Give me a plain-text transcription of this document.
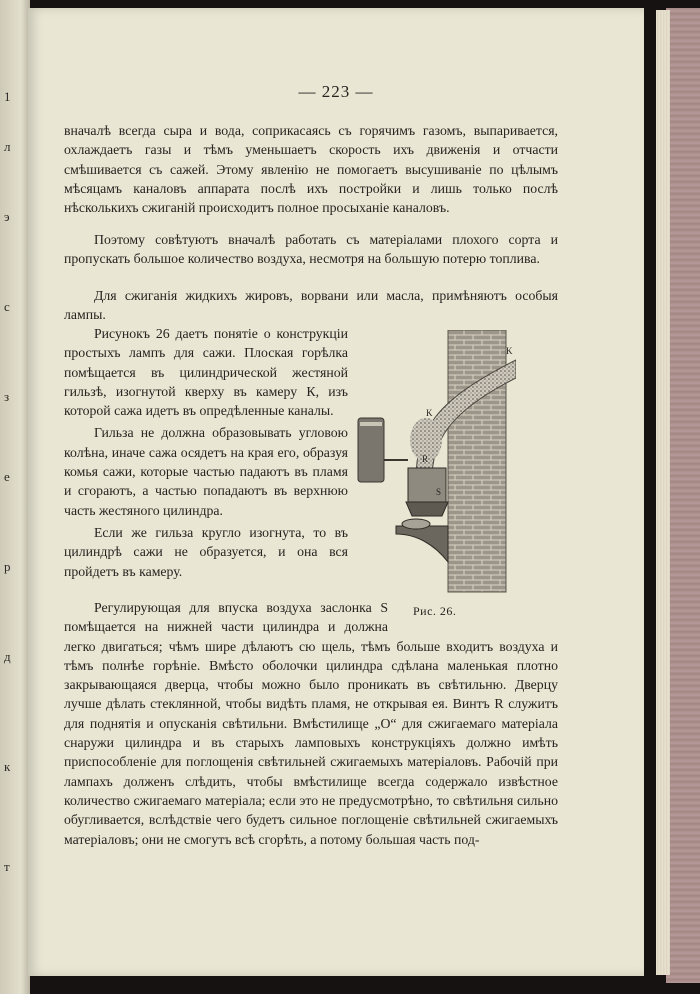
1
л
э
с
з
е
р
д
к
т
— 223 —

вначалѣ всегда сыра и вода, соприкасаясь съ горячимъ газомъ, выпаривается, охлаждаетъ газы и тѣмъ уменьшаетъ скорость ихъ движенія и отчасти смѣшивается съ сажей. Этому явленію не помогаетъ высушиваніе по цѣлымъ мѣсяцамъ каналовъ аппарата послѣ ихъ постройки и лишь только послѣ нѣсколькихъ сжиганій происходитъ полное просыханіе каналовъ.

Поэтому совѣтуютъ вначалѣ работать съ матеріалами плохого сорта и пропускать большое количество воздуха, несмотря на большую потерю топлива.

Для сжиганія жидкихъ жировъ, ворвани или масла, примѣняютъ особыя лампы.

Рисунокъ 26 даетъ понятіе о конструкціи простыхъ лампъ для сажи. Плоская горѣлка помѣщается въ цилиндрической жестяной гильзѣ, изогнутой кверху въ камеру К, изъ которой сажа идетъ въ опредѣленные каналы.

Гильза не должна образовывать угловою колѣна, иначе сажа осядетъ на края его, образуя комья сажи, которые частью падаютъ въ пламя и сгораютъ, а частью попадаютъ въ верхнюю часть жестяного цилиндра.

Если же гильза кругло изогнута, то въ цилиндрѣ сажи не образуется, и она вся пройдетъ въ камеру.

K
K
R
S
Рис. 26.

Регулирующая для впуска воздуха заслонка S помѣщается на нижней части цилиндра и должна легко двигаться; чѣмъ шире дѣлаютъ сю щель, тѣмъ больше входитъ воздуха и тѣмъ полнѣе горѣніе. Вмѣсто оболочки цилиндра сдѣлана маленькая плотно закрывающаяся дверца, чтобы можно было проникать въ свѣтильню. Дверцу лучше дѣлать стеклянной, чтобы видѣть пламя, не открывая ея. Винтъ R служитъ для поднятія и опусканія свѣтильни. Вмѣстилище „O“ для сжигаемаго матеріала снаружи цилиндра и въ старыхъ ламповыхъ конструкціяхъ должно имѣть приспособленіе для поглощенія свѣтильней сжигаемыхъ матеріаловъ. Рабочій при лампахъ долженъ слѣдить, чтобы вмѣстилище всегда содержало извѣстное количество сжигаемаго матеріала; если это не предусмотрѣно, то свѣтильня сильно обугливается, вслѣдствіе чего будетъ сильное поглощеніе свѣтильней сжигаемыхъ матеріаловъ; они не смогутъ всѣ сгорѣть, а потому большая часть под-
